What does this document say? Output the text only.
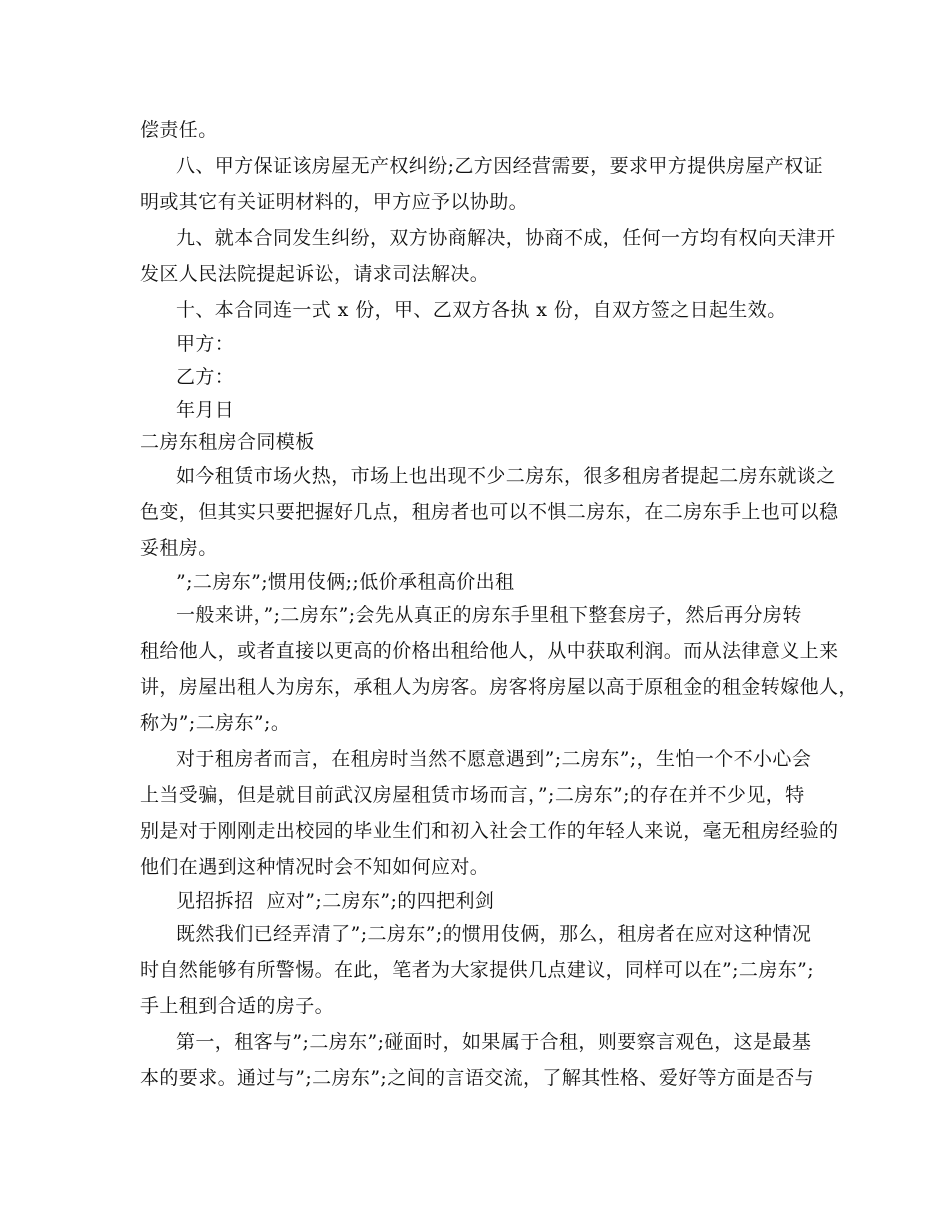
偿责任。
八、甲方保证该房屋无产权纠纷;乙方因经营需要，要求甲方提供房屋产权证
明或其它有关证明材料的，甲方应予以协助。
九、就本合同发生纠纷，双方协商解决，协商不成，任何一方均有权向天津开
发区人民法院提起诉讼，请求司法解决。
十、本合同连一式 x 份，甲、乙双方各执 x 份，自双方签之日起生效。
甲方：
乙方：
年月日
二房东租房合同模板
如今租赁市场火热，市场上也出现不少二房东，很多租房者提起二房东就谈之
色变，但其实只要把握好几点，租房者也可以不惧二房东，在二房东手上也可以稳
妥租房。
”;二房东”;惯用伎俩;;低价承租高价出租
一般来讲，”;二房东”;会先从真正的房东手里租下整套房子，然后再分房转
租给他人，或者直接以更高的价格出租给他人，从中获取利润。而从法律意义上来
讲，房屋出租人为房东，承租人为房客。房客将房屋以高于原租金的租金转嫁他人，
称为”;二房东”;。
对于租房者而言，在租房时当然不愿意遇到”;二房东”;，生怕一个不小心会
上当受骗，但是就目前武汉房屋租赁市场而言，”;二房东”;的存在并不少见，特
别是对于刚刚走出校园的毕业生们和初入社会工作的年轻人来说，毫无租房经验的
他们在遇到这种情况时会不知如何应对。
见招拆招  应对”;二房东”;的四把利剑
既然我们已经弄清了”;二房东”;的惯用伎俩，那么，租房者在应对这种情况
时自然能够有所警惕。在此，笔者为大家提供几点建议，同样可以在”;二房东”;
手上租到合适的房子。
第一，租客与”;二房东”;碰面时，如果属于合租，则要察言观色，这是最基
本的要求。通过与”;二房东”;之间的言语交流，了解其性格、爱好等方面是否与
